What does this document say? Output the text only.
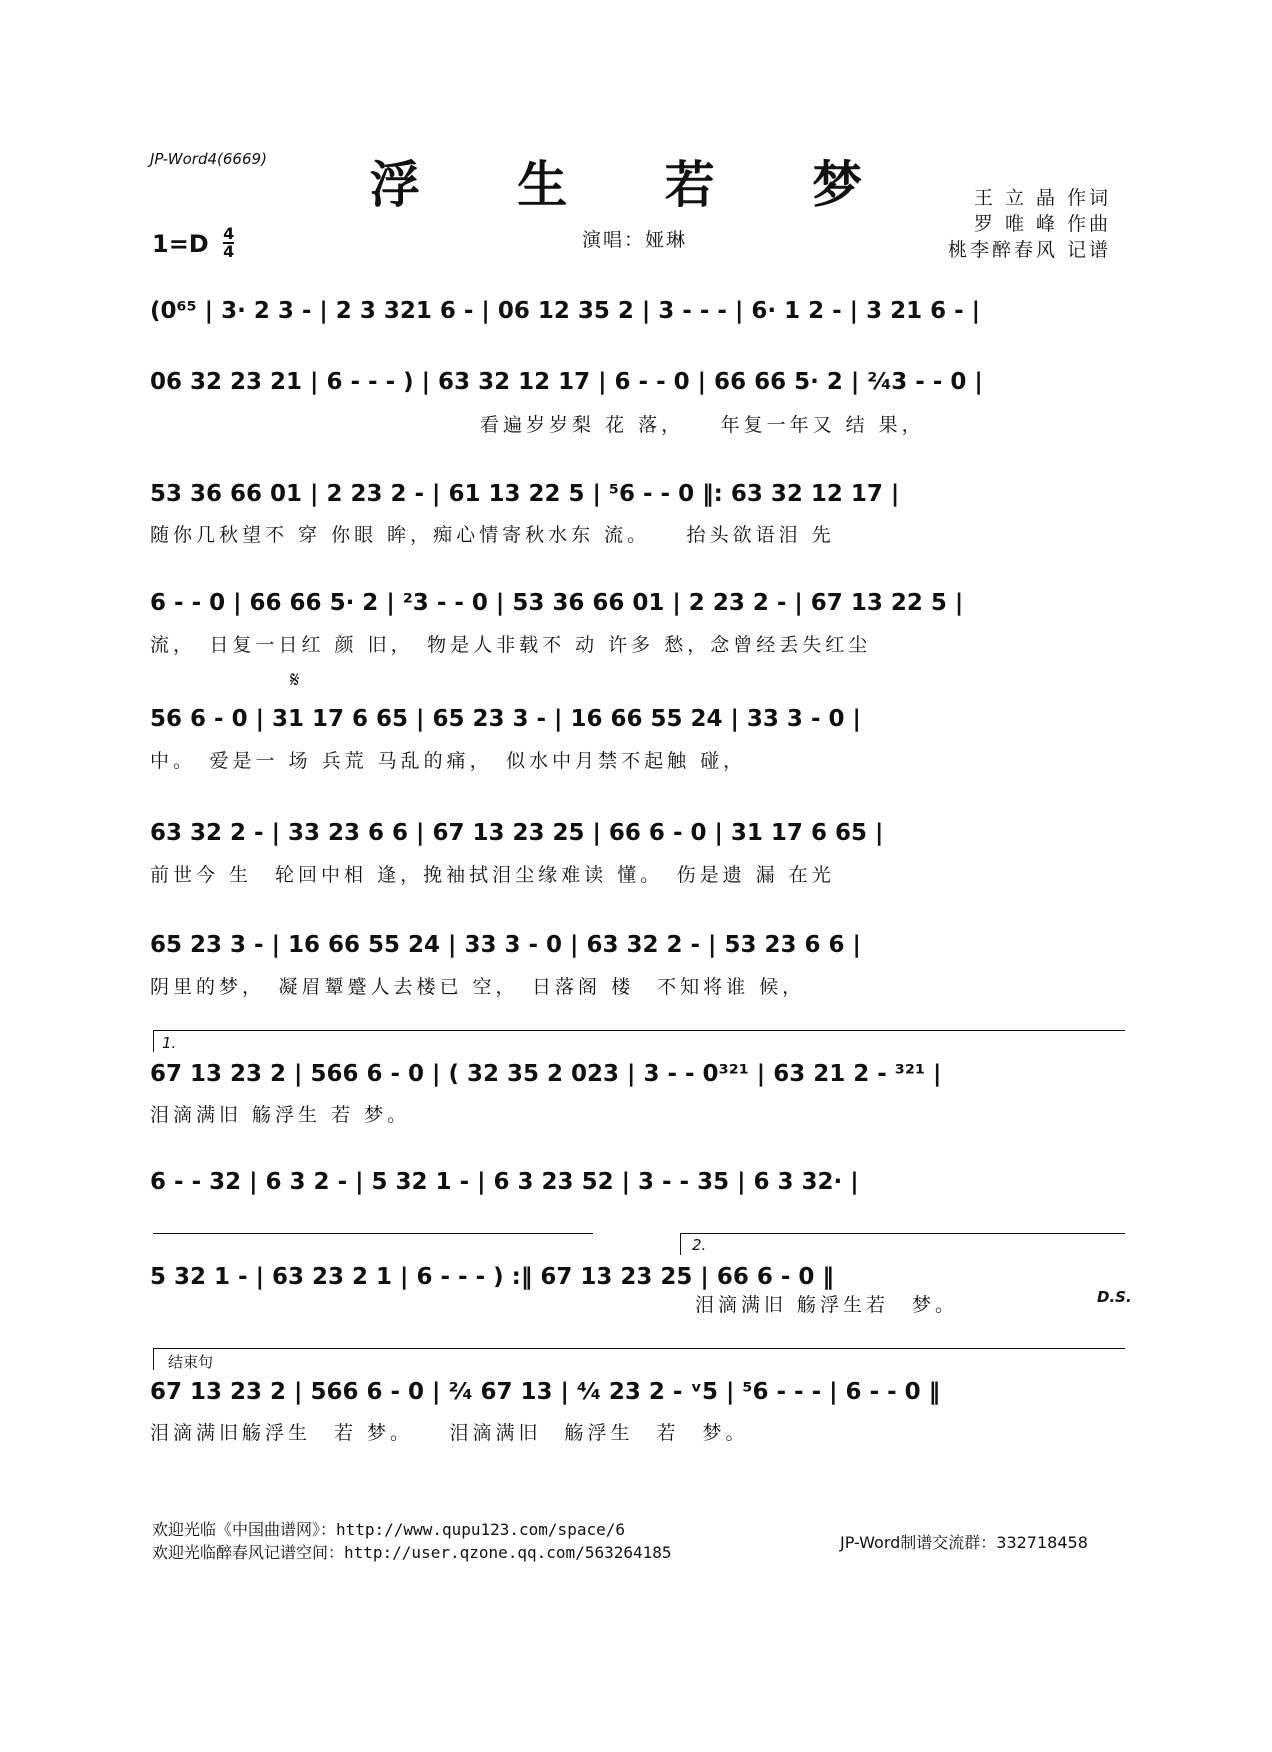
JP-Word4(6669)	浮 生 若 梦	王 立 晶 作词
罗 唯 峰 作曲
桃李醉春风 记谱
$1=D \frac{4}{4}$	演唱：娅琳
(0⁶⁵ | 3· 2 3 - | 2 3 321 6 - | 06 12 35 2 | 3 - - - | 6· 1 2 - | 3 21 6 - |
06 32 23 21 | 6 - - - ) | 63 32 12 17 | 6 - - 0 | 66 66 5· 2 | ²⁄₄3 - - 0 |
看遍岁岁梨 花 落，　　年复一年又 结 果，
53 36 66 01 | 2 23 2 - | 61 13 22 5 | ⁵6 - - 0 ‖: 63 32 12 17 |
随你几秋望不 穿 你眼 眸，痴心情寄秋水东 流。　　抬头欲语泪 先
6 - - 0 | 66 66 5· 2 | ²3 - - 0 | 53 36 66 01 | 2 23 2 - | 67 13 22 5 |
流，　日复一日红 颜 旧，　物是人非载不 动 许多 愁，念曾经丢失红尘
𝄋
56 6 - 0 | 31 17 6 65 | 65 23 3 - | 16 66 55 24 | 33 3 - 0 |
中。　爱是一 场 兵荒 马乱的痛，　似水中月禁不起触 碰，
63 32 2 - | 33 23 6 6 | 67 13 23 25 | 66 6 - 0 | 31 17 6 65 |
前世今 生　轮回中相 逢，挽袖拭泪尘缘难读 懂。　伤是遗 漏 在光
65 23 3 - | 16 66 55 24 | 33 3 - 0 | 63 32 2 - | 53 23 6 6 |
阴里的梦，　凝眉颦蹙人去楼已 空，　日落阁 楼　不知将谁 候，
1.
67 13 23 2 | 566 6 - 0 | ( 32 35 2 023 | 3 - - 0³²¹ | 63 21 2 - ³²¹ |
泪滴满旧 觞浮生 若 梦。
6 - - 32 | 6 3 2 - | 5 32 1 - | 6 3 23 52 | 3 - - 35 | 6 3 32· |
2.
5 32 1 - | 63 23 2 1 | 6 - - - ) :‖ 67 13 23 25 | 66 6 - 0 ‖
泪滴满旧 觞浮生若　梦。	D.S.
结束句
67 13 23 2 | 566 6 - 0 | ²⁄₄ 67 13 | ⁴⁄₄ 23 2 - ᵛ5 | ⁵6 - - - | 6 - - 0 ‖
泪滴满旧觞浮生　若 梦。　　泪滴满旧　觞浮生　若　梦。
欢迎光临《中国曲谱网》：http://www.qupu123.com/space/6
欢迎光临醉春风记谱空间：http://user.qzone.qq.com/563264185
JP-Word制谱交流群：332718458
